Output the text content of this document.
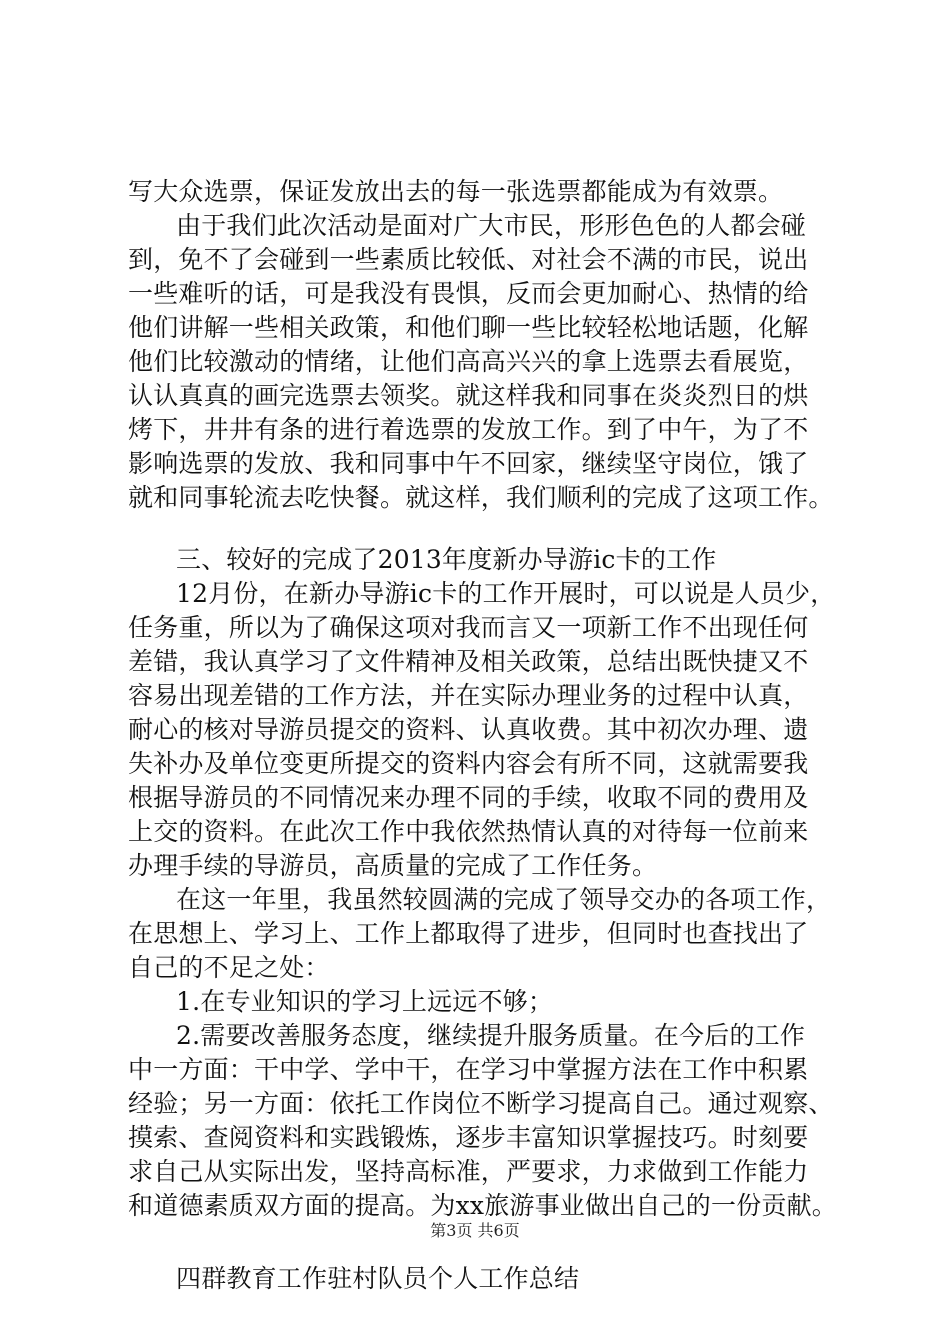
写大众选票，保证发放出去的每一张选票都能成为有效票。
由于我们此次活动是面对广大市民，形形色色的人都会碰
到，免不了会碰到一些素质比较低、对社会不满的市民，说出
一些难听的话，可是我没有畏惧，反而会更加耐心、热情的给
他们讲解一些相关政策，和他们聊一些比较轻松地话题，化解
他们比较激动的情绪，让他们高高兴兴的拿上选票去看展览，
认认真真的画完选票去领奖。就这样我和同事在炎炎烈日的烘
烤下，井井有条的进行着选票的发放工作。到了中午，为了不
影响选票的发放、我和同事中午不回家，继续坚守岗位，饿了
就和同事轮流去吃快餐。就这样，我们顺利的完成了这项工作。
三、较好的完成了2013年度新办导游ic卡的工作
12月份，在新办导游ic卡的工作开展时，可以说是人员少，
任务重，所以为了确保这项对我而言又一项新工作不出现任何
差错，我认真学习了文件精神及相关政策，总结出既快捷又不
容易出现差错的工作方法，并在实际办理业务的过程中认真，
耐心的核对导游员提交的资料、认真收费。其中初次办理、遗
失补办及单位变更所提交的资料内容会有所不同，这就需要我
根据导游员的不同情况来办理不同的手续，收取不同的费用及
上交的资料。在此次工作中我依然热情认真的对待每一位前来
办理手续的导游员，高质量的完成了工作任务。
在这一年里，我虽然较圆满的完成了领导交办的各项工作，
在思想上、学习上、工作上都取得了进步，但同时也查找出了
自己的不足之处：
1.在专业知识的学习上远远不够；
2.需要改善服务态度，继续提升服务质量。在今后的工作
中一方面：干中学、学中干，在学习中掌握方法在工作中积累
经验；另一方面：依托工作岗位不断学习提高自己。通过观察、
摸索、查阅资料和实践锻炼，逐步丰富知识掌握技巧。时刻要
求自己从实际出发，坚持高标准，严要求，力求做到工作能力
和道德素质双方面的提高。为xx旅游事业做出自己的一份贡献。
四群教育工作驻村队员个人工作总结
第3页 共6页
